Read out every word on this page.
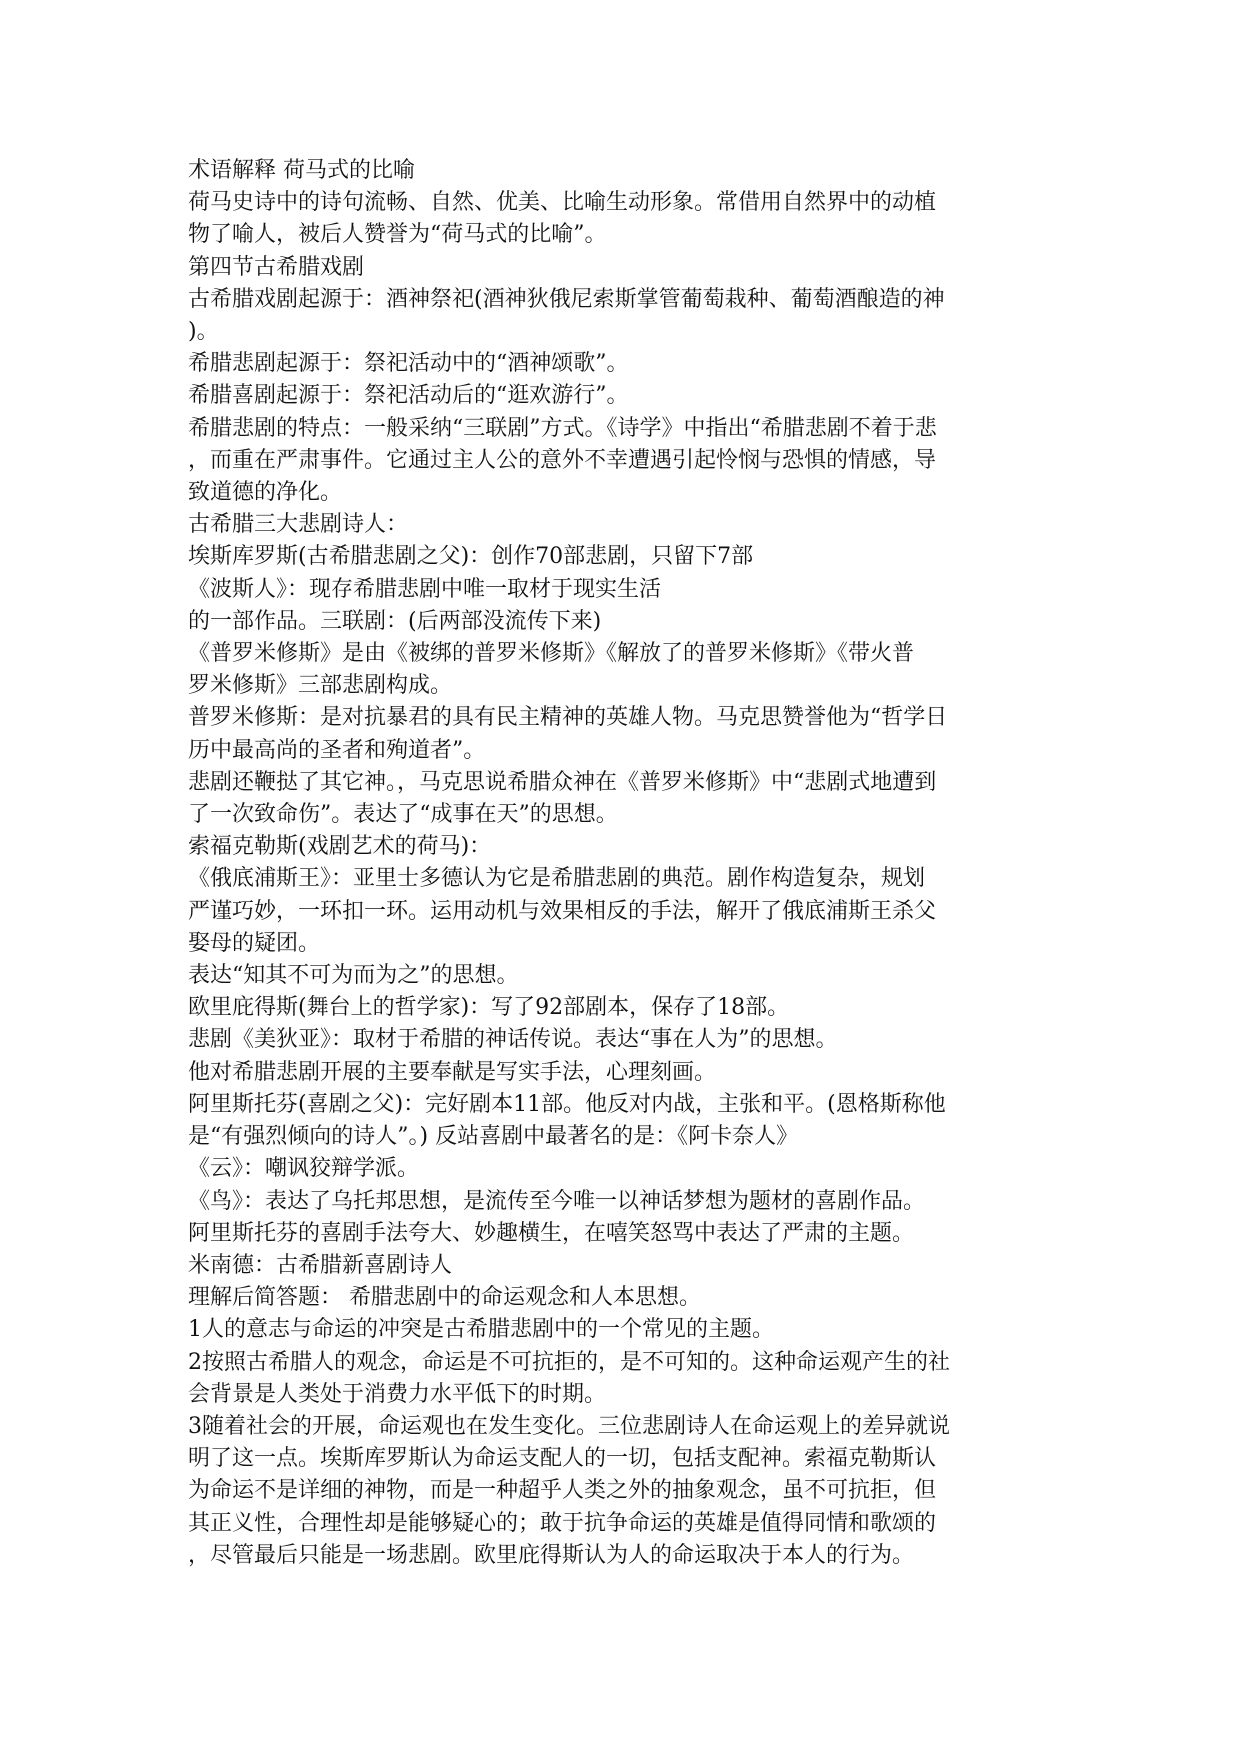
术语解释 荷马式的比喻
荷马史诗中的诗句流畅、自然、优美、比喻生动形象。常借用自然界中的动植
物了喻人，被后人赞誉为“荷马式的比喻”。
第四节古希腊戏剧
古希腊戏剧起源于：酒神祭祀(酒神狄俄尼索斯掌管葡萄栽种、葡萄酒酿造的神
)。
希腊悲剧起源于：祭祀活动中的“酒神颂歌”。
希腊喜剧起源于：祭祀活动后的“逛欢游行”。
希腊悲剧的特点：一般采纳“三联剧”方式。《诗学》中指出“希腊悲剧不着于悲
，而重在严肃事件。它通过主人公的意外不幸遭遇引起怜悯与恐惧的情感，导
致道德的净化。
古希腊三大悲剧诗人：
埃斯库罗斯(古希腊悲剧之父)：创作70部悲剧，只留下7部
《波斯人》：现存希腊悲剧中唯一取材于现实生活
的一部作品。三联剧：(后两部没流传下来)
《普罗米修斯》是由《被绑的普罗米修斯》《解放了的普罗米修斯》《带火普
罗米修斯》三部悲剧构成。
普罗米修斯：是对抗暴君的具有民主精神的英雄人物。马克思赞誉他为“哲学日
历中最高尚的圣者和殉道者”。
悲剧还鞭挞了其它神。，马克思说希腊众神在《普罗米修斯》中“悲剧式地遭到
了一次致命伤”。表达了“成事在天”的思想。
索福克勒斯(戏剧艺术的荷马)：
《俄底浦斯王》：亚里士多德认为它是希腊悲剧的典范。剧作构造复杂，规划
严谨巧妙，一环扣一环。运用动机与效果相反的手法，解开了俄底浦斯王杀父
娶母的疑团。
表达“知其不可为而为之”的思想。
欧里庇得斯(舞台上的哲学家)：写了92部剧本，保存了18部。
悲剧《美狄亚》：取材于希腊的神话传说。表达“事在人为”的思想。
他对希腊悲剧开展的主要奉献是写实手法，心理刻画。
阿里斯托芬(喜剧之父)：完好剧本11部。他反对内战，主张和平。(恩格斯称他
是“有强烈倾向的诗人”。) 反站喜剧中最著名的是：《阿卡奈人》
《云》：嘲讽狡辩学派。
《鸟》：表达了乌托邦思想，是流传至今唯一以神话梦想为题材的喜剧作品。
阿里斯托芬的喜剧手法夸大、妙趣横生，在嘻笑怒骂中表达了严肃的主题。
米南德：古希腊新喜剧诗人
理解后简答题： 希腊悲剧中的命运观念和人本思想。
1人的意志与命运的冲突是古希腊悲剧中的一个常见的主题。
2按照古希腊人的观念，命运是不可抗拒的，是不可知的。这种命运观产生的社
会背景是人类处于消费力水平低下的时期。
3随着社会的开展，命运观也在发生变化。三位悲剧诗人在命运观上的差异就说
明了这一点。埃斯库罗斯认为命运支配人的一切，包括支配神。索福克勒斯认
为命运不是详细的神物，而是一种超乎人类之外的抽象观念，虽不可抗拒，但
其正义性，合理性却是能够疑心的；敢于抗争命运的英雄是值得同情和歌颂的
，尽管最后只能是一场悲剧。欧里庇得斯认为人的命运取决于本人的行为。
